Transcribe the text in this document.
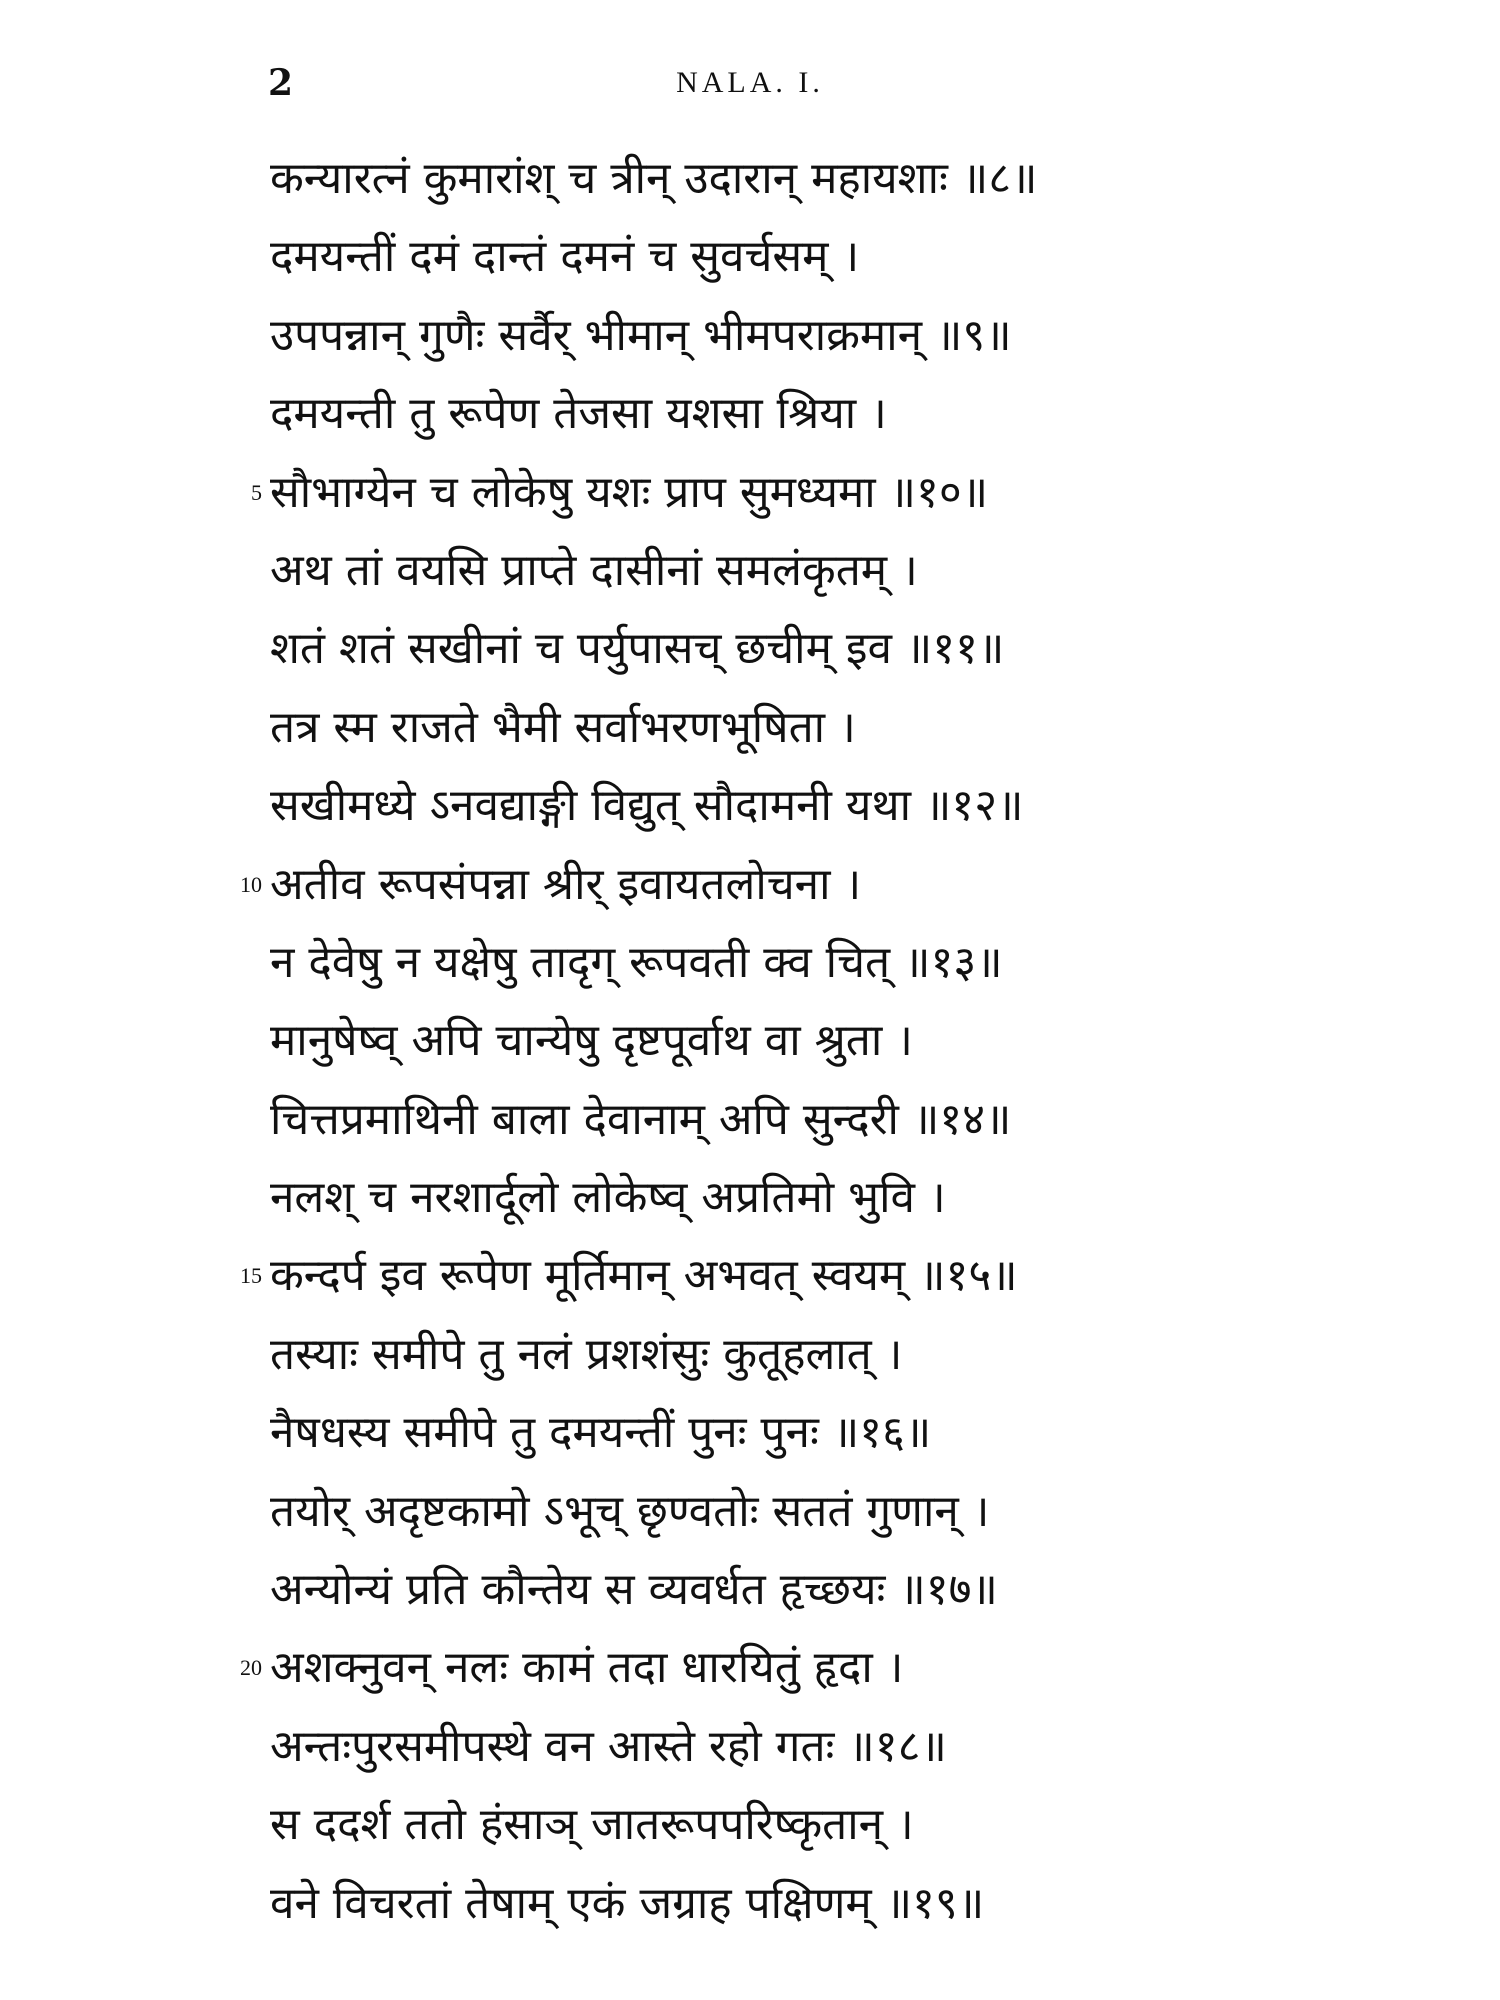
2	NALA. I.
कन्यारत्नं कुमारांश् च त्रीन् उदारान् महायशाः ॥८॥
दमयन्तीं दमं दान्तं दमनं च सुवर्चसम् ।
उपपन्नान् गुणैः सर्वैर् भीमान् भीमपराक्रमान् ॥९॥
दमयन्ती तु रूपेण तेजसा यशसा श्रिया ।
5 सौभाग्येन च लोकेषु यशः प्राप सुमध्यमा ॥१०॥
अथ तां वयसि प्राप्ते दासीनां समलंकृतम् ।
शतं शतं सखीनां च पर्युपासच् छचीम् इव ॥११॥
तत्र स्म राजते भैमी सर्वाभरणभूषिता ।
सखीमध्ये ऽनवद्याङ्गी विद्युत् सौदामनी यथा ॥१२॥
10 अतीव रूपसंपन्ना श्रीर् इवायतलोचना ।
न देवेषु न यक्षेषु तादृग् रूपवती क्व चित् ॥१३॥
मानुषेष्व् अपि चान्येषु दृष्टपूर्वाथ वा श्रुता ।
चित्तप्रमाथिनी बाला देवानाम् अपि सुन्दरी ॥१४॥
नलश् च नरशार्दूलो लोकेष्व् अप्रतिमो भुवि ।
15 कन्दर्प इव रूपेण मूर्तिमान् अभवत् स्वयम् ॥१५॥
तस्याः समीपे तु नलं प्रशशंसुः कुतूहलात् ।
नैषधस्य समीपे तु दमयन्तीं पुनः पुनः ॥१६॥
तयोर् अदृष्टकामो ऽभूच् छृण्वतोः सततं गुणान् ।
अन्योन्यं प्रति कौन्तेय स व्यवर्धत हृच्छयः ॥१७॥
20 अशक्नुवन् नलः कामं तदा धारयितुं हृदा ।
अन्तःपुरसमीपस्थे वन आस्ते रहो गतः ॥१८॥
स ददर्श ततो हंसाञ् जातरूपपरिष्कृतान् ।
वने विचरतां तेषाम् एकं जग्राह पक्षिणम् ॥१९॥
